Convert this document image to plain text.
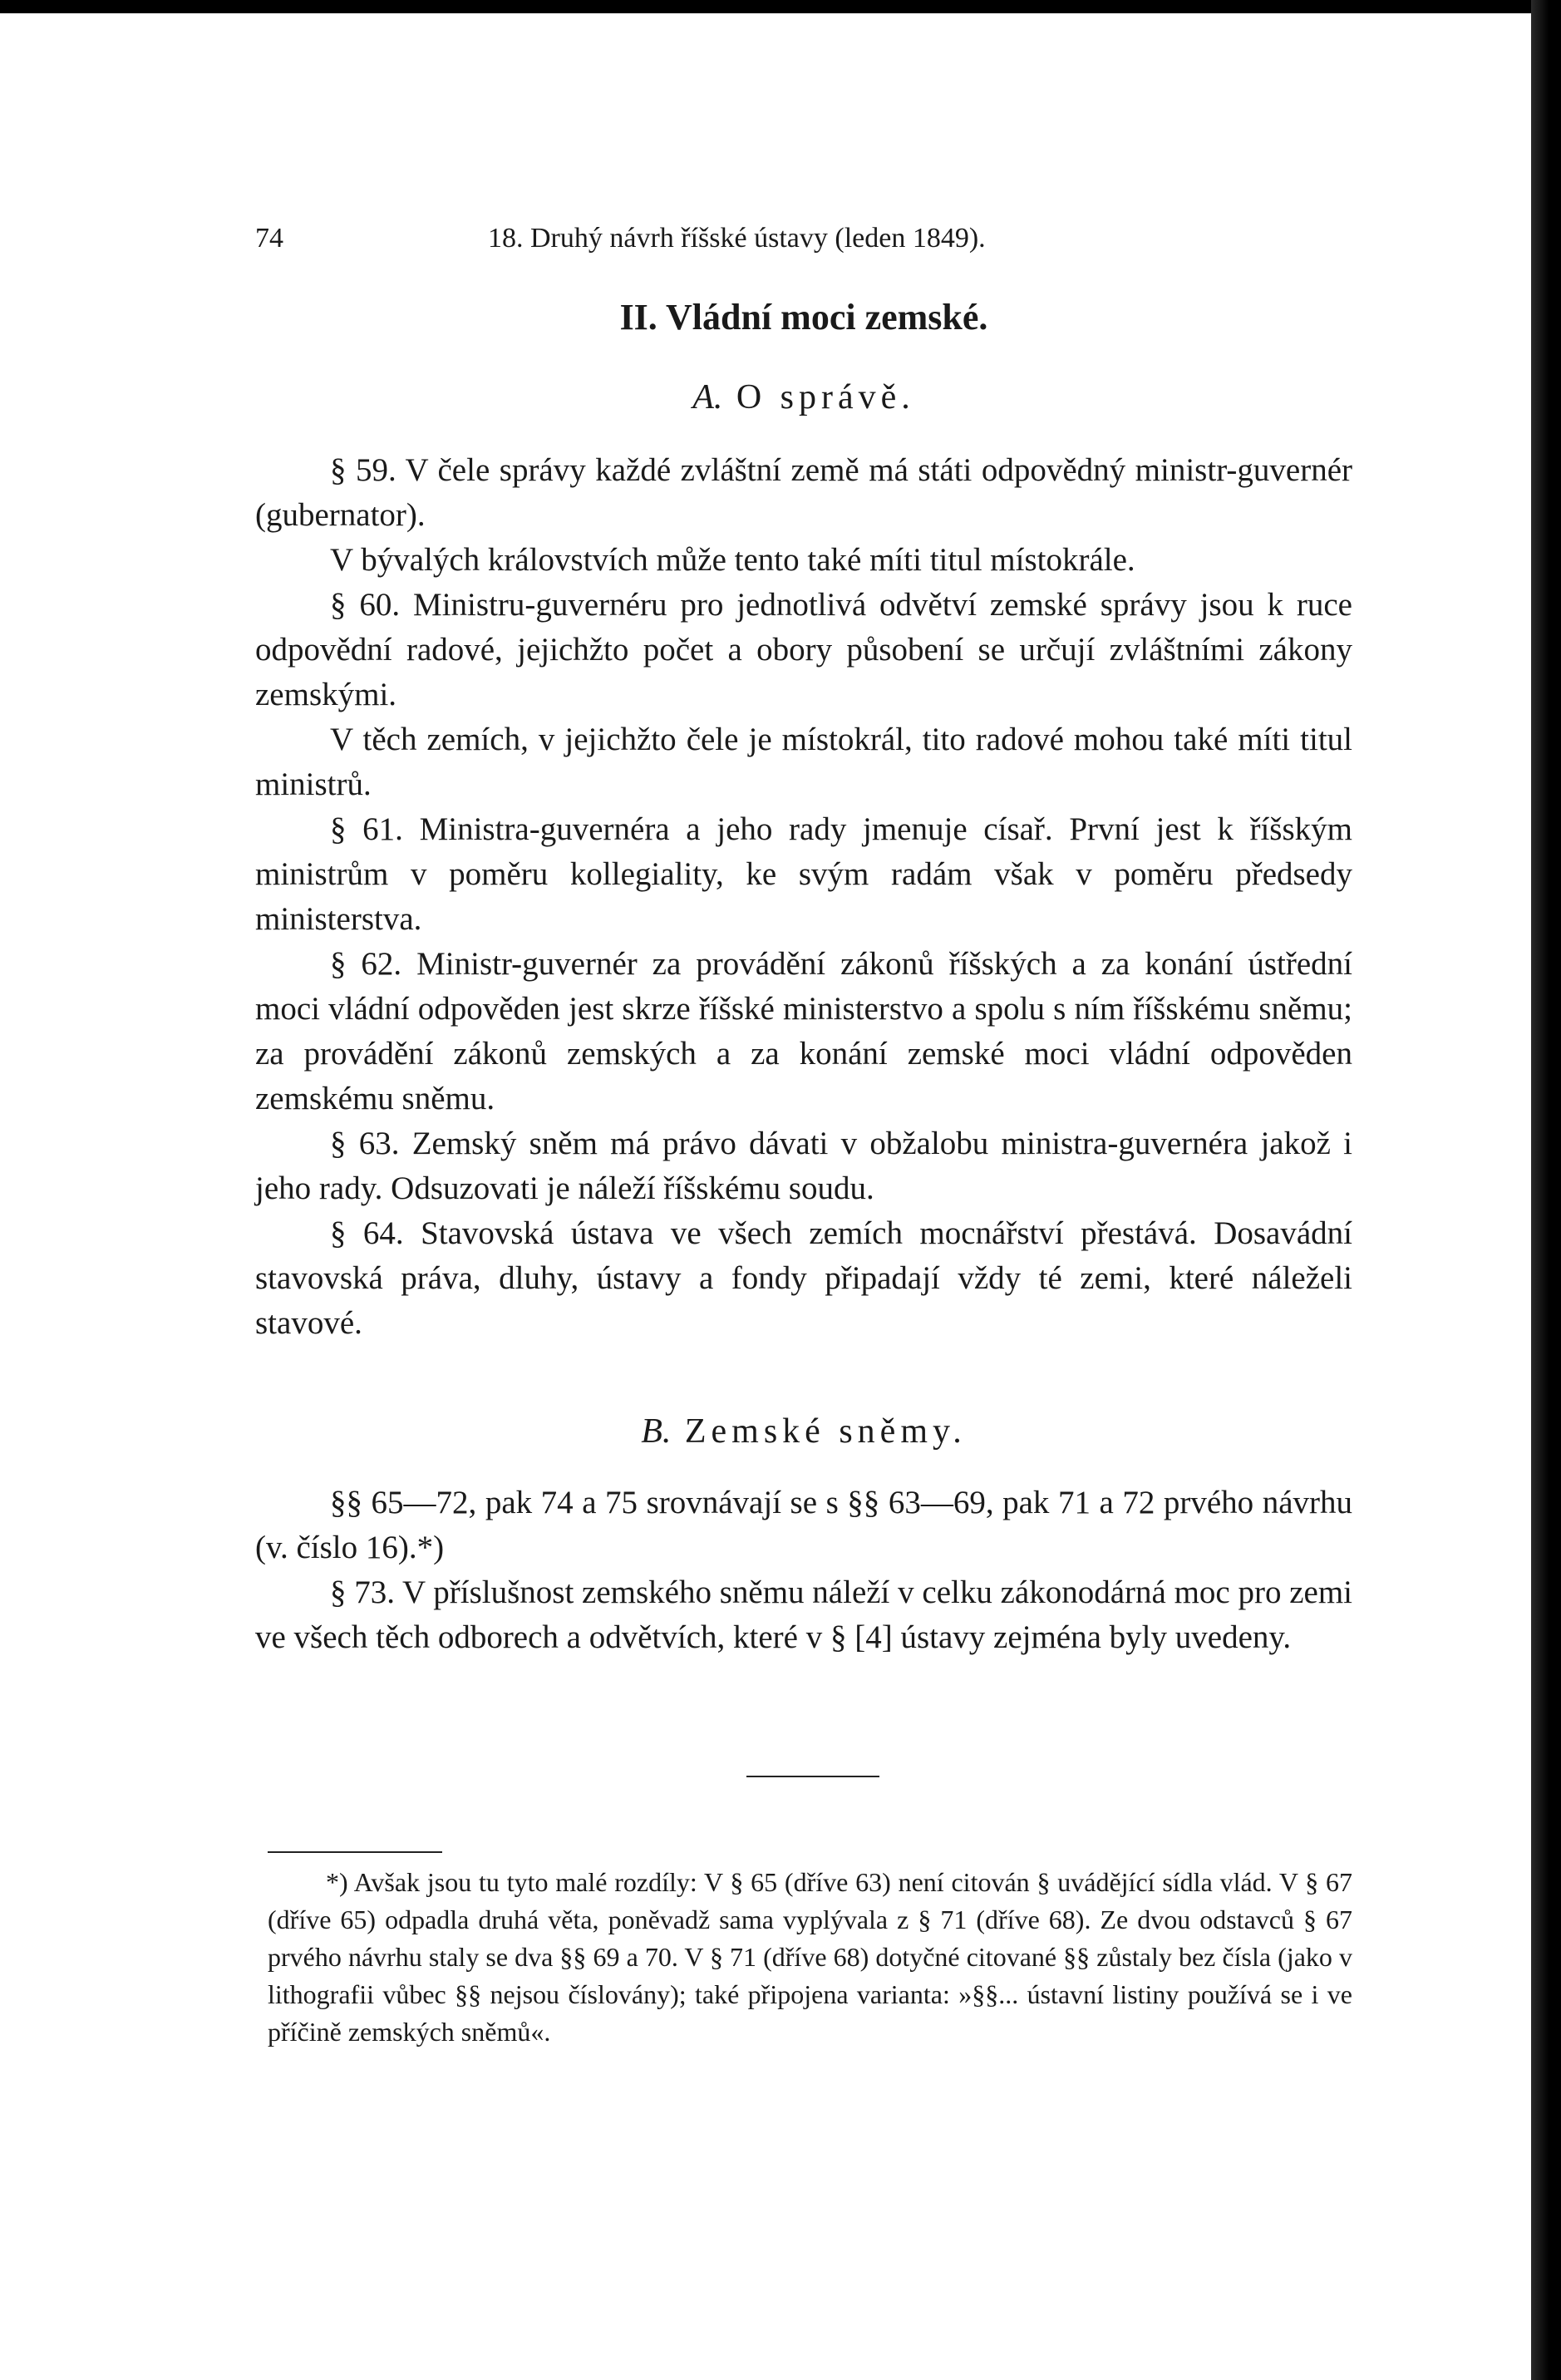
74	18. Druhý návrh říšské ústavy (leden 1849).
II. Vládní moci zemské.
A. O správě.

§ 59. V čele správy každé zvláštní země má státi odpovědný ministr-guvernér (gubernator).

V bývalých královstvích může tento také míti titul místokrále.

§ 60. Ministru-guvernéru pro jednotlivá odvětví zemské správy jsou k ruce odpovědní radové, jejichžto počet a obory působení se určují zvláštními zákony zemskými.

V těch zemích, v jejichžto čele je místokrál, tito radové mohou také míti titul ministrů.

§ 61. Ministra-guvernéra a jeho rady jmenuje císař. První jest k říšským ministrům v poměru kollegiality, ke svým radám však v poměru předsedy ministerstva.

§ 62. Ministr-guvernér za provádění zákonů říšských a za konání ústřední moci vládní odpověden jest skrze říšské ministerstvo a spolu s ním říšskému sněmu; za provádění zákonů zemských a za konání zemské moci vládní odpověden zemskému sněmu.

§ 63. Zemský sněm má právo dávati v obžalobu ministra-guvernéra jakož i jeho rady. Odsuzovati je náleží říšskému soudu.

§ 64. Stavovská ústava ve všech zemích mocnářství přestává. Dosavádní stavovská práva, dluhy, ústavy a fondy připadají vždy té zemi, které náleželi stavové.

B. Zemské sněmy.

§§ 65—72, pak 74 a 75 srovnávají se s §§ 63—69, pak 71 a 72 prvého návrhu (v. číslo 16).*)

§ 73. V příslušnost zemského sněmu náleží v celku zákonodárná moc pro zemi ve všech těch odborech a odvětvích, které v § [4] ústavy zejména byly uvedeny.

*) Avšak jsou tu tyto malé rozdíly: V § 65 (dříve 63) není citován § uvádějící sídla vlád. V § 67 (dříve 65) odpadla druhá věta, poněvadž sama vyplývala z § 71 (dříve 68). Ze dvou odstavců § 67 prvého návrhu staly se dva §§ 69 a 70. V § 71 (dříve 68) dotyčné citované §§ zůstaly bez čísla (jako v lithografii vůbec §§ nejsou číslovány); také připojena varianta: »§§... ústavní listiny používá se i ve příčině zemských sněmů«.
